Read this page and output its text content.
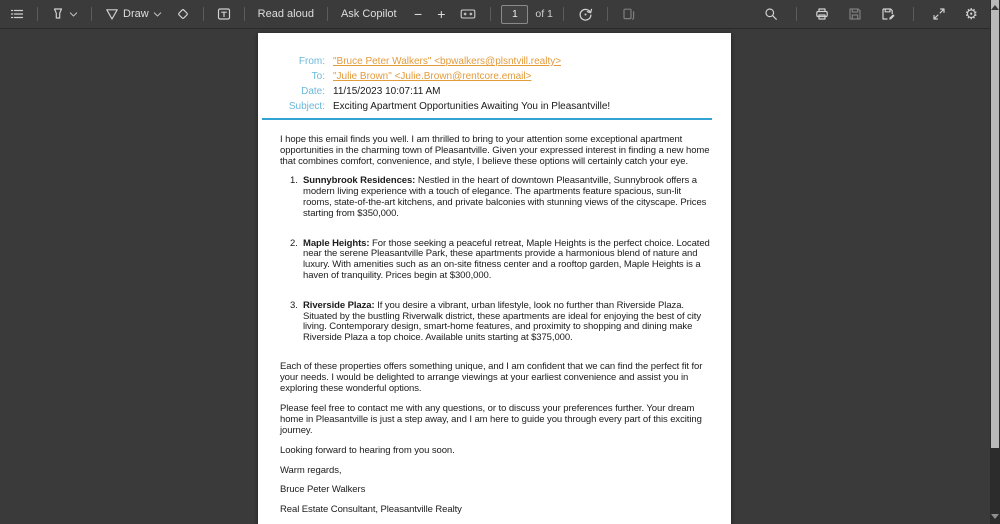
Draw	Read aloud Ask Copilot − +	1 of 1	⚙
From: "Bruce Peter Walkers" <bpwalkers@plsntvill.realty>
To: "Julie Brown" <Julie.Brown@rentcore.email>
Date: 11/15/2023 10:07:11 AM
Subject: Exciting Apartment Opportunities Awaiting You in Pleasantville!

I hope this email finds you well. I am thrilled to bring to your attention some exceptional apartment opportunities in the charming town of Pleasantville. Given your expressed interest in finding a new home that combines comfort, convenience, and style, I believe these options will certainly catch your eye.

1. Sunnybrook Residences: Nestled in the heart of downtown Pleasantville, Sunnybrook offers a modern living experience with a touch of elegance. The apartments feature spacious, sun-lit rooms, state-of-the-art kitchens, and private balconies with stunning views of the cityscape. Prices starting from $350,000.
2. Maple Heights: For those seeking a peaceful retreat, Maple Heights is the perfect choice. Located near the serene Pleasantville Park, these apartments provide a harmonious blend of nature and luxury. With amenities such as an on-site fitness center and a rooftop garden, Maple Heights is a haven of tranquility. Prices begin at $300,000.
3. Riverside Plaza: If you desire a vibrant, urban lifestyle, look no further than Riverside Plaza. Situated by the bustling Riverwalk district, these apartments are ideal for enjoying the best of city living. Contemporary design, smart-home features, and proximity to shopping and dining make Riverside Plaza a top choice. Available units starting at $375,000.

Each of these properties offers something unique, and I am confident that we can find the perfect fit for your needs. I would be delighted to arrange viewings at your earliest convenience and assist you in exploring these wonderful options.

Please feel free to contact me with any questions, or to discuss your preferences further. Your dream home in Pleasantville is just a step away, and I am here to guide you through every part of this exciting journey.

Looking forward to hearing from you soon.

Warm regards,

Bruce Peter Walkers

Real Estate Consultant, Pleasantville Realty
